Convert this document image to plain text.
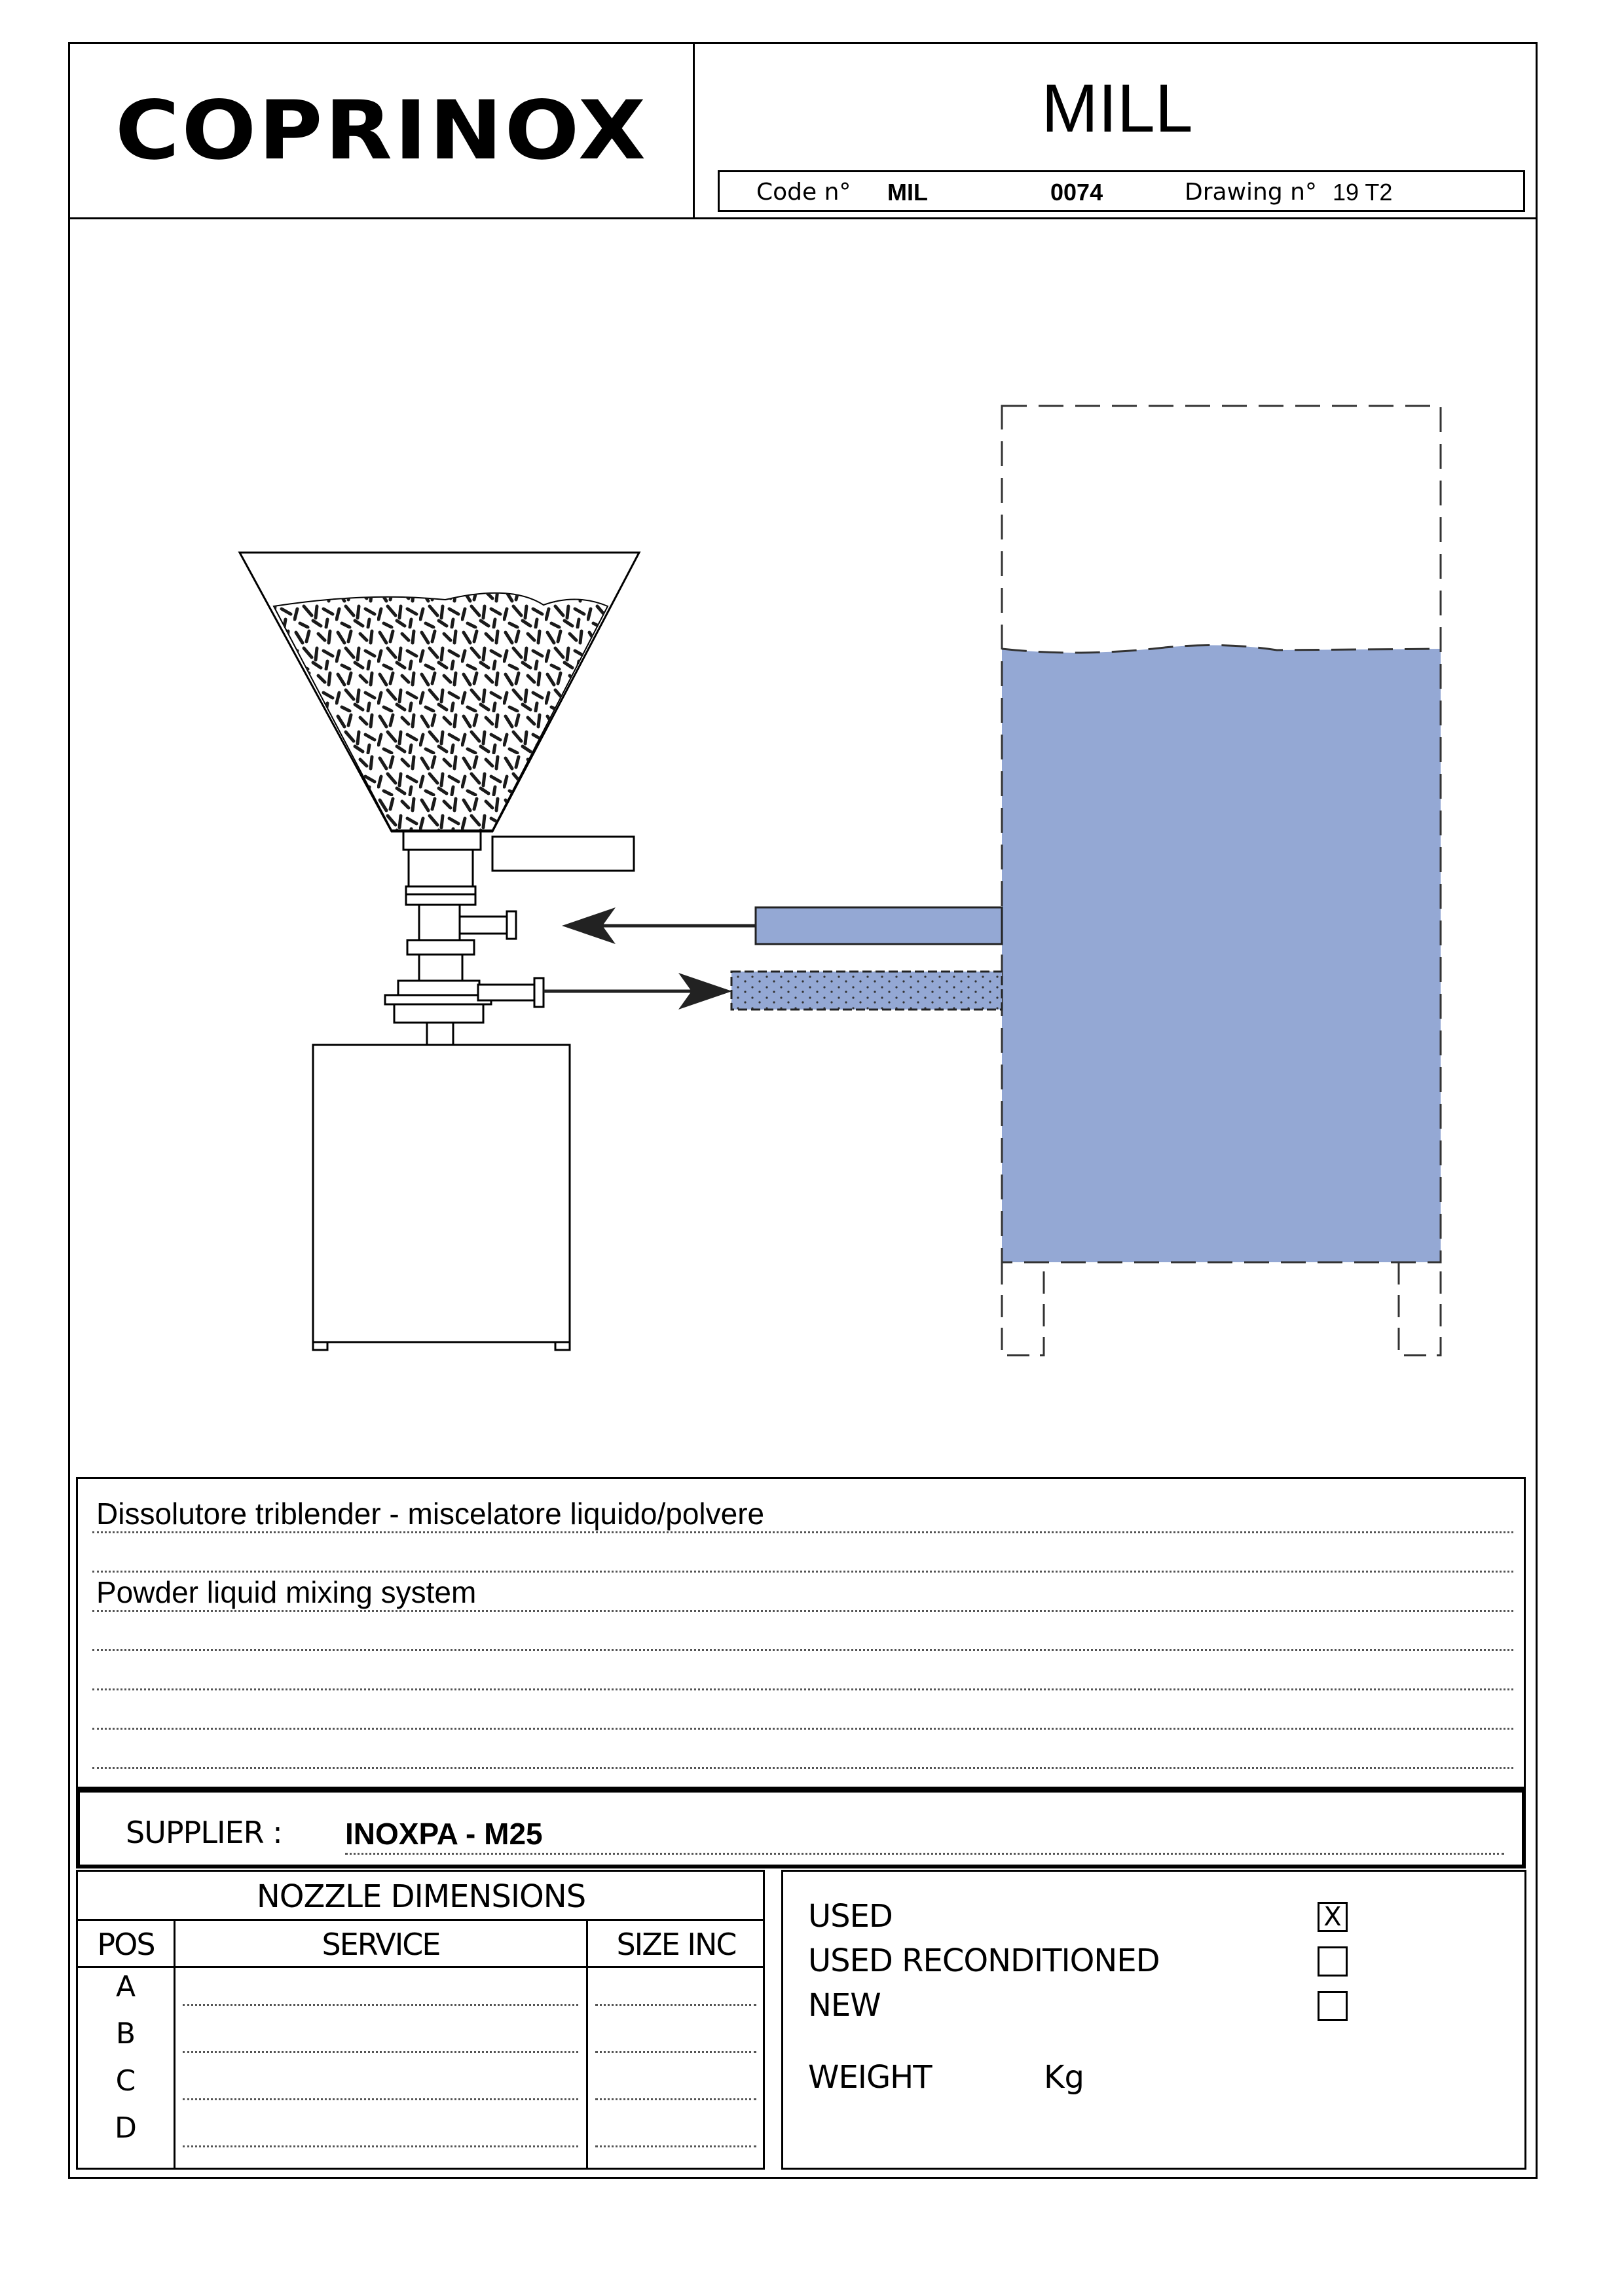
COPRINOX	MILL
Code n° MIL	0074	Drawing n° 19 T2
Dissolutore triblender - miscelatore liquido/polvere
Powder liquid mixing system
SUPPLIER : INOXPA - M25
NOZZLE DIMENSIONS
POS	SERVICE	SIZE INC
A
B
C
D
USED	X
USED RECONDITIONED
NEW
WEIGHT	Kg
